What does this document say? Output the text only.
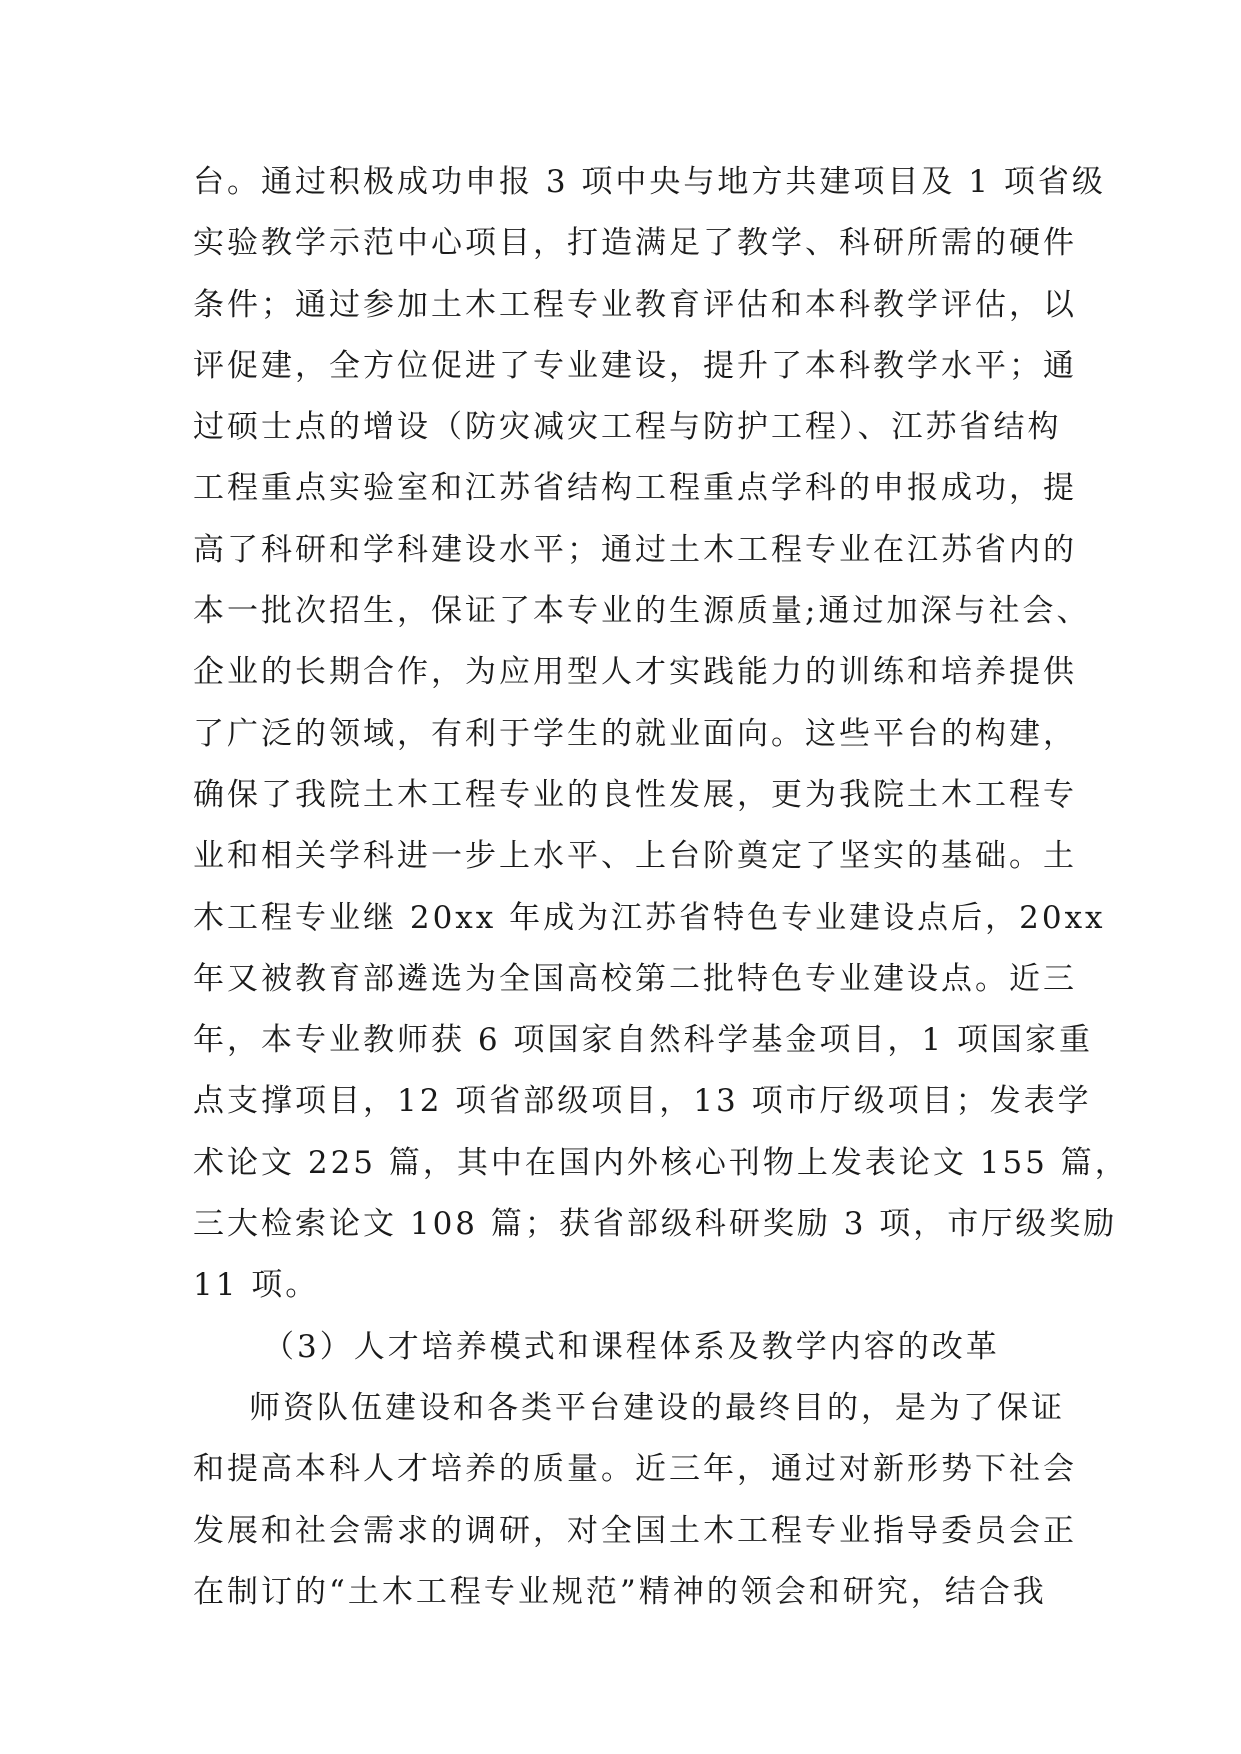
台。通过积极成功申报 3 项中央与地方共建项目及 1 项省级
实验教学示范中心项目，打造满足了教学、科研所需的硬件
条件；通过参加土木工程专业教育评估和本科教学评估，以
评促建，全方位促进了专业建设，提升了本科教学水平；通
过硕士点的增设（防灾减灾工程与防护工程）、江苏省结构
工程重点实验室和江苏省结构工程重点学科的申报成功，提
高了科研和学科建设水平；通过土木工程专业在江苏省内的
本一批次招生，保证了本专业的生源质量;通过加深与社会、
企业的长期合作，为应用型人才实践能力的训练和培养提供
了广泛的领域，有利于学生的就业面向。这些平台的构建，
确保了我院土木工程专业的良性发展，更为我院土木工程专
业和相关学科进一步上水平、上台阶奠定了坚实的基础。土
木工程专业继 20xx 年成为江苏省特色专业建设点后，20xx
年又被教育部遴选为全国高校第二批特色专业建设点。近三
年，本专业教师获 6 项国家自然科学基金项目，1 项国家重
点支撑项目，12 项省部级项目，13 项市厅级项目；发表学
术论文 225 篇，其中在国内外核心刊物上发表论文 155 篇，
三大检索论文 108 篇；获省部级科研奖励 3 项，市厅级奖励
11 项。
（3）人才培养模式和课程体系及教学内容的改革
师资队伍建设和各类平台建设的最终目的，是为了保证
和提高本科人才培养的质量。近三年，通过对新形势下社会
发展和社会需求的调研，对全国土木工程专业指导委员会正
在制订的“土木工程专业规范”精神的领会和研究，结合我
